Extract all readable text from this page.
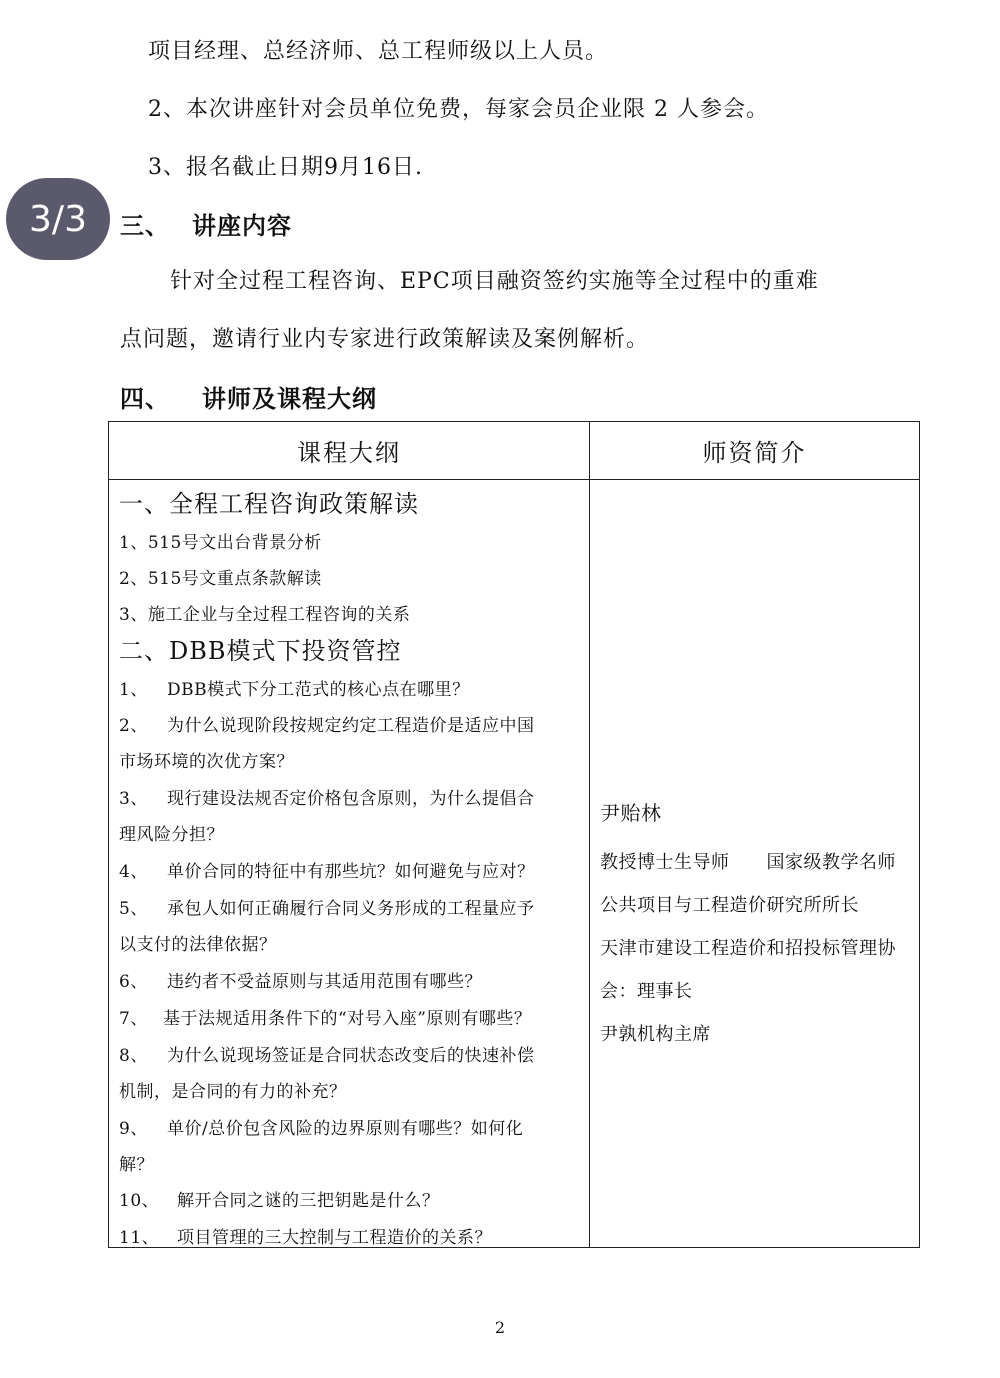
3/3
项目经理、总经济师、总工程师级以上人员。
2、本次讲座针对会员单位免费，每家会员企业限 2 人参会。
3、报名截止日期9月16日.
三、 讲座内容
针对全过程工程咨询、EPC项目融资签约实施等全过程中的重难
点问题，邀请行业内专家进行政策解读及案例解析。
四、 讲师及课程大纲
课程大纲	师资简介
一、全程工程咨询政策解读
1、515号文出台背景分析
2、515号文重点条款解读
3、施工企业与全过程工程咨询的关系
二、DBB模式下投资管控
1、 DBB模式下分工范式的核心点在哪里？
2、 为什么说现阶段按规定约定工程造价是适应中国
市场环境的次优方案？
3、 现行建设法规否定价格包含原则，为什么提倡合
理风险分担？
4、 单价合同的特征中有那些坑？如何避免与应对？
5、 承包人如何正确履行合同义务形成的工程量应予
以支付的法律依据？
6、 违约者不受益原则与其适用范围有哪些？
7、 基于法规适用条件下的“对号入座”原则有哪些？
8、 为什么说现场签证是合同状态改变后的快速补偿
机制，是合同的有力的补充？
9、 单价/总价包含风险的边界原则有哪些？如何化
解？
10、 解开合同之谜的三把钥匙是什么？
11、 项目管理的三大控制与工程造价的关系？
尹贻林
教授博士生导师　　国家级教学名师
公共项目与工程造价研究所所长
天津市建设工程造价和招投标管理协
会：理事长
尹孰机构主席
2
